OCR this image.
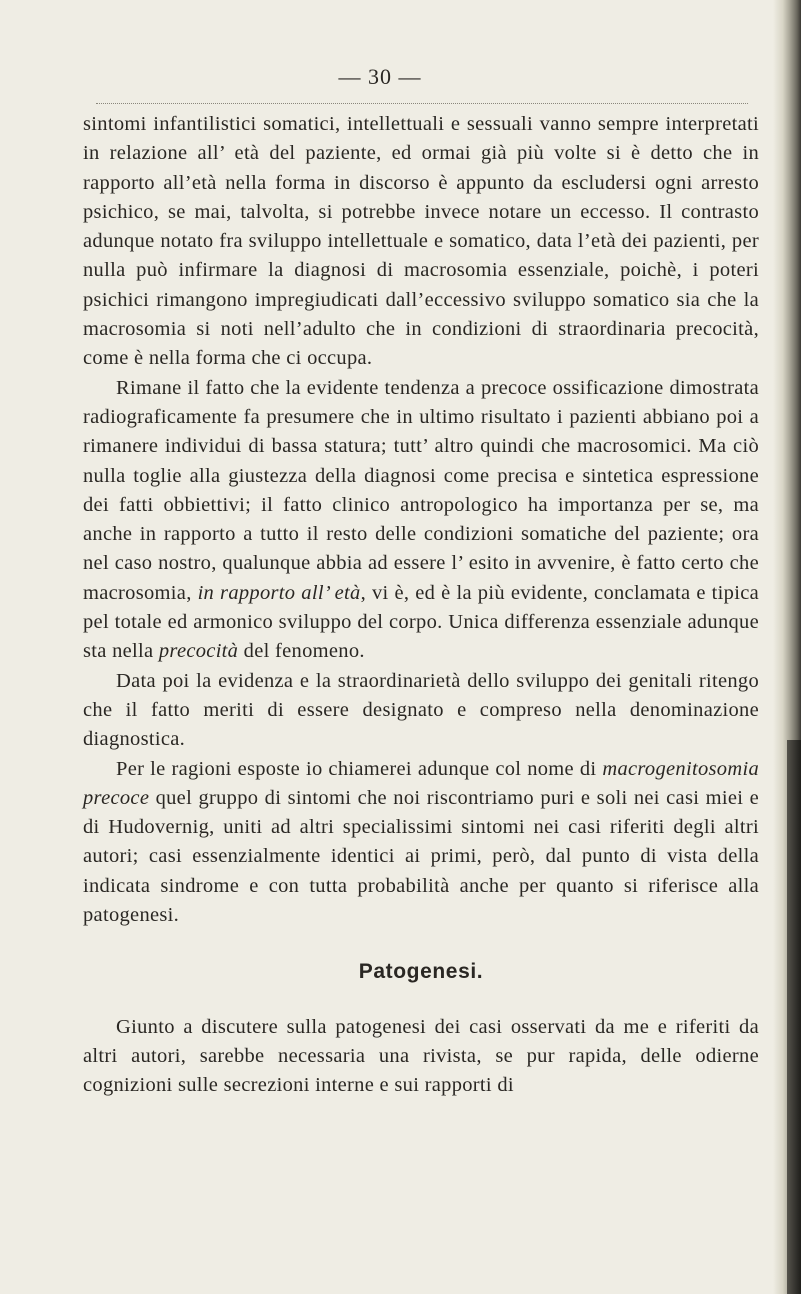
— 30 —

sintomi infantilistici somatici, intellettuali e sessuali vanno sempre interpretati in relazione all’ età del paziente, ed ormai già più volte si è detto che in rapporto all’età nella forma in discorso è appunto da escludersi ogni arresto psichico, se mai, talvolta, si potrebbe invece notare un eccesso. Il contrasto adunque notato fra sviluppo intellettuale e somatico, data l’età dei pazienti, per nulla può infirmare la diagnosi di macrosomia essenziale, poichè, i poteri psichici rimangono impregiudicati dall’eccessivo sviluppo somatico sia che la macrosomia si noti nell’adulto che in condizioni di straordinaria precocità, come è nella forma che ci occupa.

Rimane il fatto che la evidente tendenza a precoce ossificazione dimostrata radiograficamente fa presumere che in ultimo risultato i pazienti abbiano poi a rimanere individui di bassa statura; tutt’ altro quindi che macrosomici. Ma ciò nulla toglie alla giustezza della diagnosi come precisa e sintetica espressione dei fatti obbiettivi; il fatto clinico antropologico ha importanza per se, ma anche in rapporto a tutto il resto delle condizioni somatiche del paziente; ora nel caso nostro, qualunque abbia ad essere l’ esito in avvenire, è fatto certo che macrosomia, in rapporto all’ età, vi è, ed è la più evidente, conclamata e tipica pel totale ed armonico sviluppo del corpo. Unica differenza essenziale adunque sta nella precocità del fenomeno.

Data poi la evidenza e la straordinarietà dello sviluppo dei genitali ritengo che il fatto meriti di essere designato e compreso nella denominazione diagnostica.

Per le ragioni esposte io chiamerei adunque col nome di macrogenitosomia precoce quel gruppo di sintomi che noi riscontriamo puri e soli nei casi miei e di Hudovernig, uniti ad altri specialissimi sintomi nei casi riferiti degli altri autori; casi essenzialmente identici ai primi, però, dal punto di vista della indicata sindrome e con tutta probabilità anche per quanto si riferisce alla patogenesi.

Patogenesi.

Giunto a discutere sulla patogenesi dei casi osservati da me e riferiti da altri autori, sarebbe necessaria una rivista, se pur rapida, delle odierne cognizioni sulle secrezioni interne e sui rapporti di
